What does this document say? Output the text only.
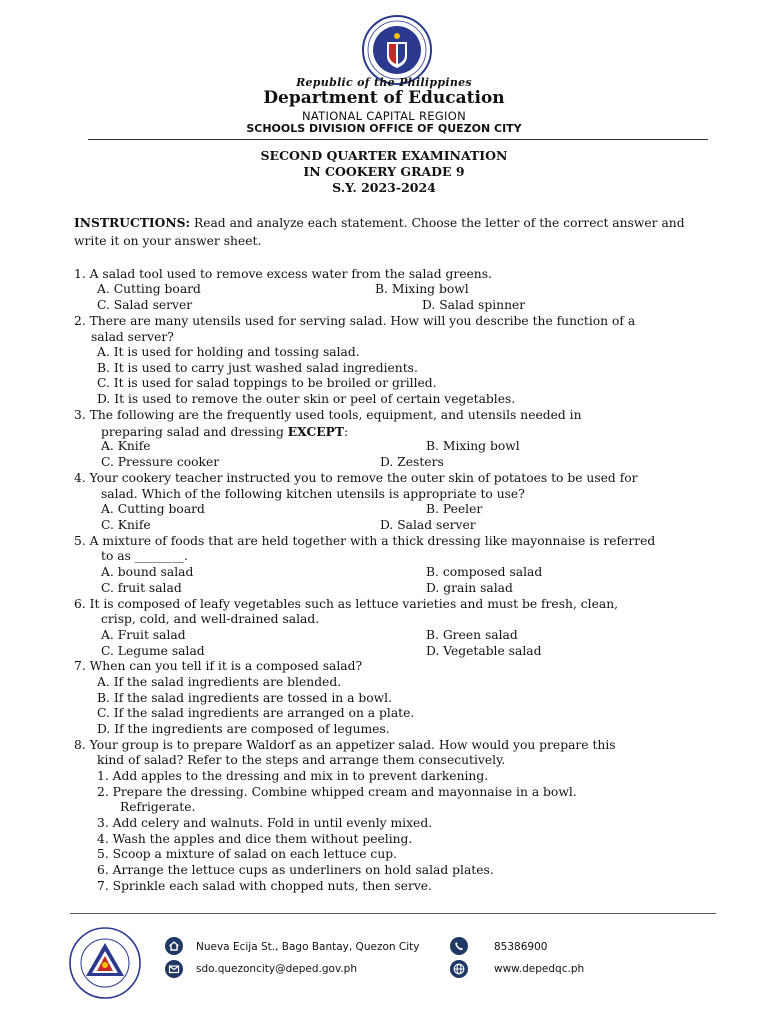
Republic of the Philippines
Department of Education
NATIONAL CAPITAL REGION
SCHOOLS DIVISION OFFICE OF QUEZON CITY
SECOND QUARTER EXAMINATION
IN COOKERY GRADE 9
S.Y. 2023-2024
INSTRUCTIONS: Read and analyze each statement. Choose the letter of the correct answer and write it on your answer sheet.
1. A salad tool used to remove excess water from the salad greens.
A. Cutting board	B. Mixing bowl
C. Salad server	D. Salad spinner
2. There are many utensils used for serving salad. How will you describe the function of a
salad server?
A. It is used for holding and tossing salad.
B. It is used to carry just washed salad ingredients.
C. It is used for salad toppings to be broiled or grilled.
D. It is used to remove the outer skin or peel of certain vegetables.
3. The following are the frequently used tools, equipment, and utensils needed in
preparing salad and dressing EXCEPT:
A. Knife	B. Mixing bowl
C. Pressure cooker	D. Zesters
4. Your cookery teacher instructed you to remove the outer skin of potatoes to be used for
salad. Which of the following kitchen utensils is appropriate to use?
A. Cutting board	B. Peeler
C. Knife	D. Salad server
5. A mixture of foods that are held together with a thick dressing like mayonnaise is referred
to as ________.
A. bound salad	B. composed salad
C. fruit salad	D. grain salad
6. It is composed of leafy vegetables such as lettuce varieties and must be fresh, clean,
crisp, cold, and well-drained salad.
A. Fruit salad	B. Green salad
C. Legume salad	D. Vegetable salad
7. When can you tell if it is a composed salad?
A. If the salad ingredients are blended.
B. If the salad ingredients are tossed in a bowl.
C. If the salad ingredients are arranged on a plate.
D. If the ingredients are composed of legumes.
8. Your group is to prepare Waldorf as an appetizer salad. How would you prepare this
kind of salad? Refer to the steps and arrange them consecutively.
1. Add apples to the dressing and mix in to prevent darkening.
2. Prepare the dressing. Combine whipped cream and mayonnaise in a bowl.
Refrigerate.
3. Add celery and walnuts. Fold in until evenly mixed.
4. Wash the apples and dice them without peeling.
5. Scoop a mixture of salad on each lettuce cup.
6. Arrange the lettuce cups as underliners on hold salad plates.
7. Sprinkle each salad with chopped nuts, then serve.
Nueva Ecija St., Bago Bantay, Quezon City
sdo.quezoncity@deped.gov.ph
85386900
www.depedqc.ph
